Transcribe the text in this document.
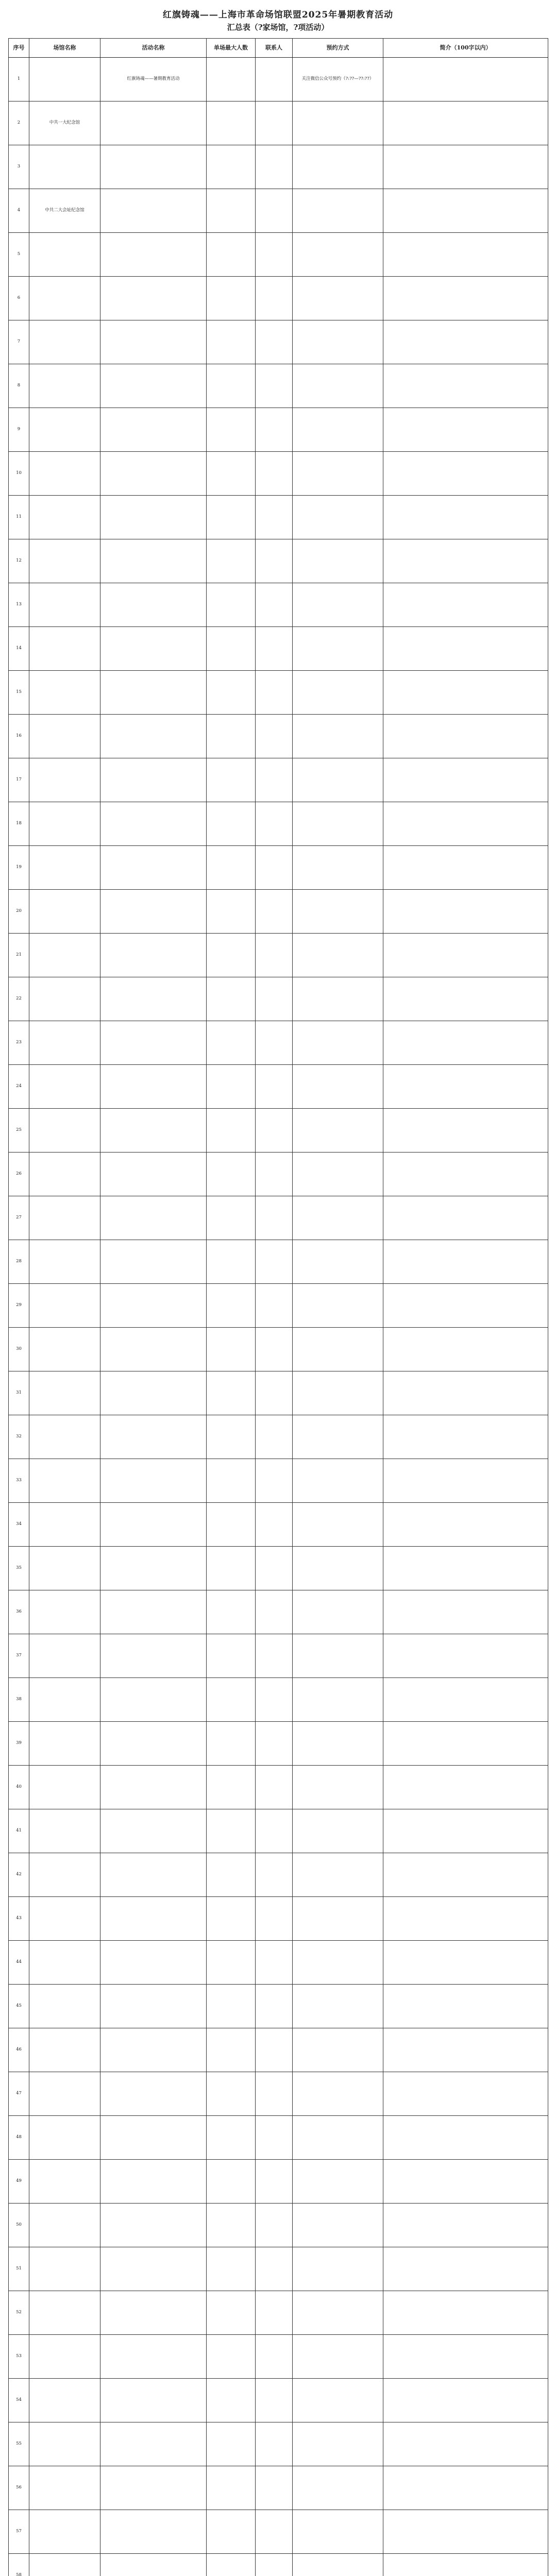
红旗铸魂——上海市革命场馆联盟2025年暑期教育活动
汇总表（?家场馆，?项活动）
序号	场馆名称	活动名称	单场最大人数	联系人	预约方式	简介（100字以内）
1		红旗铸魂——暑期教育活动			关注微信公众号预约（?:??—??:??）	
2	中共一大纪念馆					
3						
4	中共二大会址纪念馆					
5						
6						
7						
8						
9						
10						
11						
12						
13						
14						
15						
16						
17						
18						
19						
20						
21						
22						
23						
24						
25						
26						
27						
28						
29						
30						
31						
32						
33						
34						
35						
36						
37						
38						
39						
40						
41						
42						
43						
44						
45						
46						
47						
48						
49						
50						
51						
52						
53						
54						
55						
56						
57						
58						
